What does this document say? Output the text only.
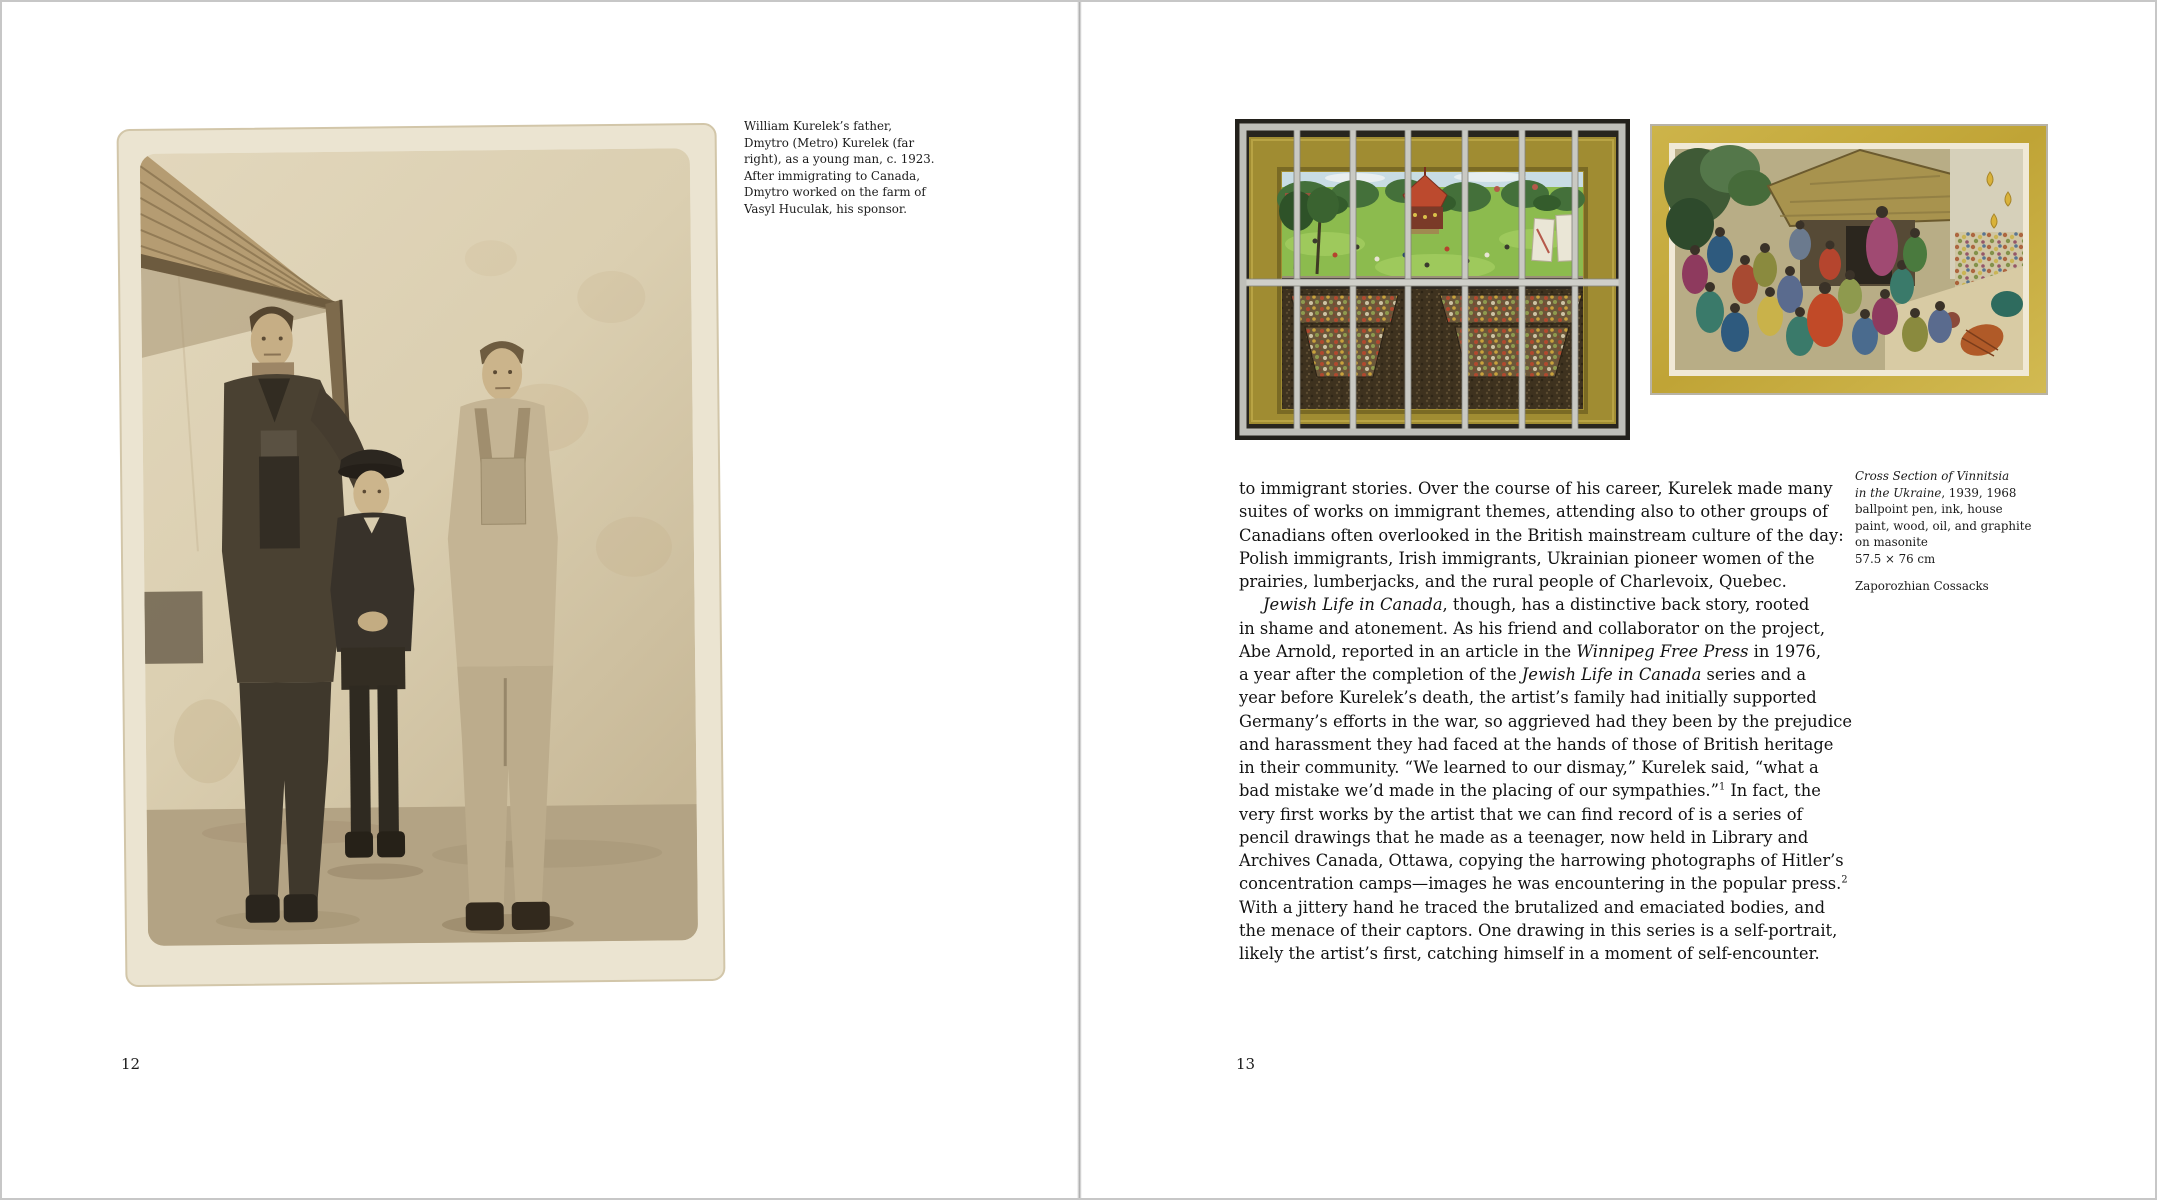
William Kurelek’s father,
Dmytro (Metro) Kurelek (far
right), as a young man, c. 1923.
After immigrating to Canada,
Dmytro worked on the farm of
Vasyl Huculak, his sponsor.
12
to immigrant stories. Over the course of his career, Kurelek made many
suites of works on immigrant themes, attending also to other groups of
Canadians often overlooked in the British mainstream culture of the day:
Polish immigrants, Irish immigrants, Ukrainian pioneer women of the
prairies, lumberjacks, and the rural people of Charlevoix, Quebec.
Jewish Life in Canada, though, has a distinctive back story, rooted
in shame and atonement. As his friend and collaborator on the project,
Abe Arnold, reported in an article in the Winnipeg Free Press in 1976,
a year after the completion of the Jewish Life in Canada series and a
year before Kurelek’s death, the artist’s family had initially supported
Germany’s efforts in the war, so aggrieved had they been by the prejudice
and harassment they had faced at the hands of those of British heritage
in their community. “We learned to our dismay,” Kurelek said, “what a
bad mistake we’d made in the placing of our sympathies.”$^1$ In fact, the
very first works by the artist that we can find record of is a series of
pencil drawings that he made as a teenager, now held in Library and
Archives Canada, Ottawa, copying the harrowing photographs of Hitler’s
concentration camps—images he was encountering in the popular press.$^2$
With a jittery hand he traced the brutalized and emaciated bodies, and
the menace of their captors. One drawing in this series is a self-portrait,
likely the artist’s first, catching himself in a moment of self-encounter.
Cross Section of Vinnitsia
in the Ukraine, 1939, 1968
ballpoint pen, ink, house
paint, wood, oil, and graphite
on masonite
57.5 × 76 cm
Zaporozhian Cossacks
13
